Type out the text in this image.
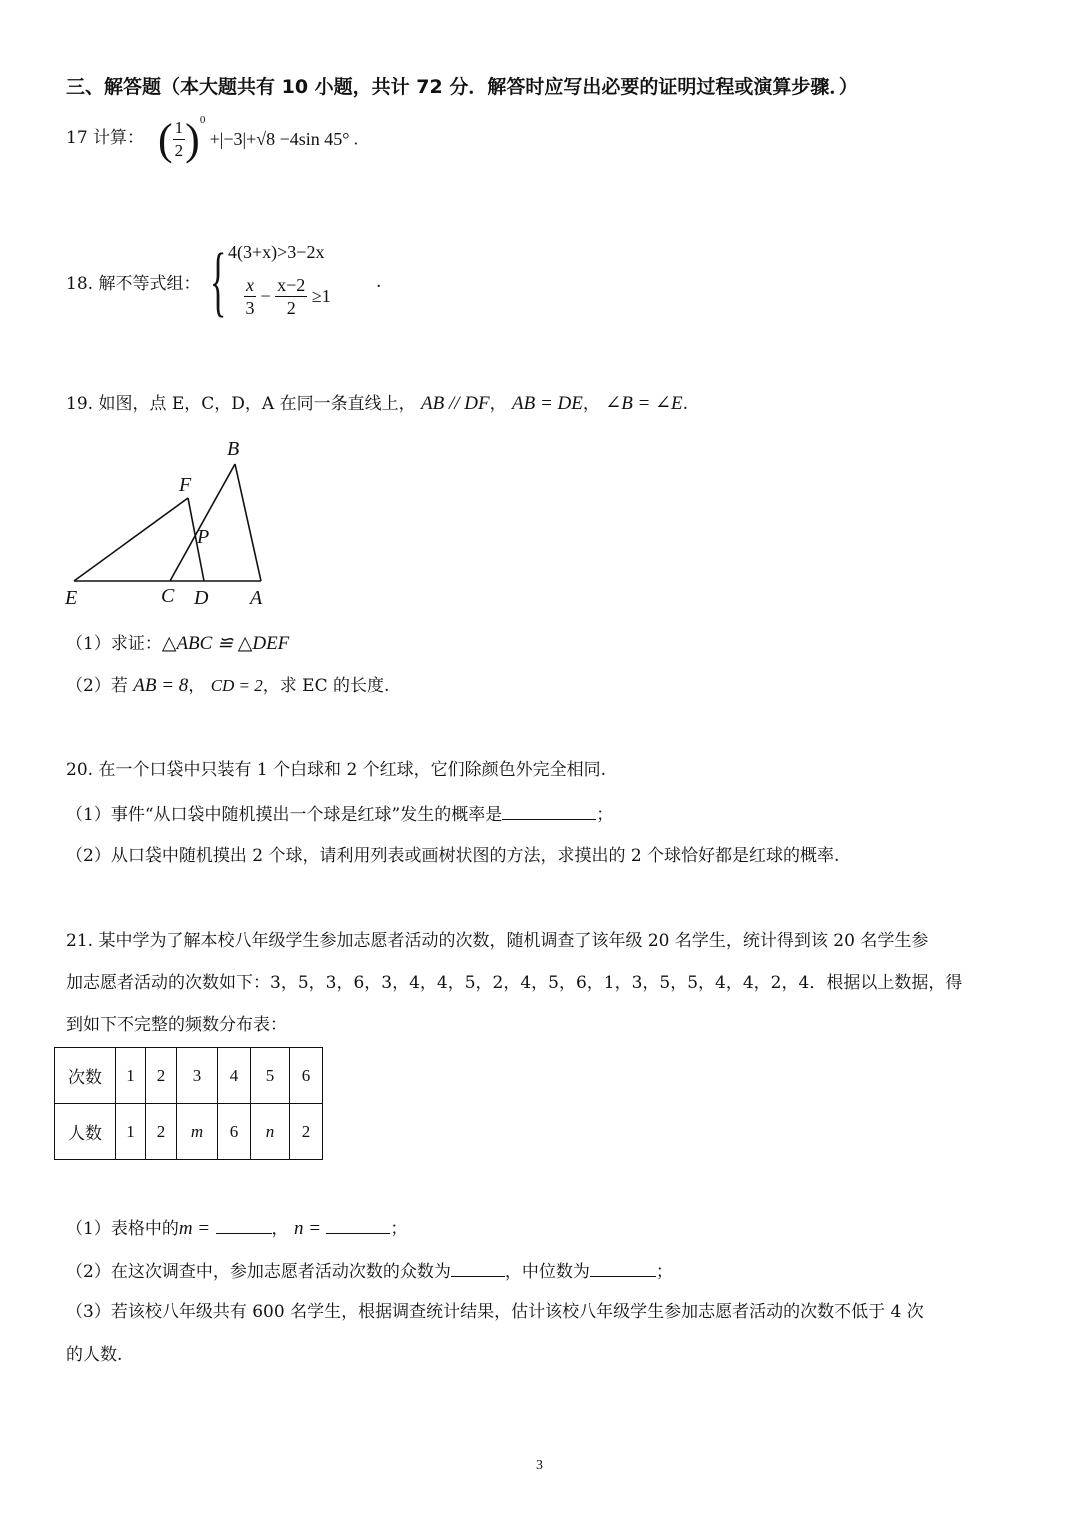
三、解答题（本大题共有 10 小题，共计 72 分．解答时应写出必要的证明过程或演算步骤．）
17 计算： ( $\frac{1}{2} )^0 +|-3|+√8 -4\sin$ 45° .
18. 解不等式组： { 4(3+x)>3−2x
$\frac{x}{3} - \frac{x-2}{2} \ge 1$
.
19. 如图，点 E，C，D，A 在同一条直线上， AB // DF， AB = DE， ∠B = ∠E.
B
F
P
E	C D A
（1）求证：△ABC ≌ △DEF
（2）若 AB = 8， CD = 2，求 EC 的长度.
20. 在一个口袋中只装有 1 个白球和 2 个红球，它们除颜色外完全相同.
（1）事件“从口袋中随机摸出一个球是红球”发生的概率是	；
（2）从口袋中随机摸出 2 个球，请利用列表或画树状图的方法，求摸出的 2 个球恰好都是红球的概率.
21. 某中学为了解本校八年级学生参加志愿者活动的次数，随机调查了该年级 20 名学生，统计得到该 20 名学生参
加志愿者活动的次数如下：3，5，3，6，3，4，4，5，2，4，5，6，1，3，5，5，4，4，2，4．根据以上数据，得
到如下不完整的频数分布表：
次数	1	2	3	4	5	6
人数	1	2	m	6	n	2
（1）表格中的m =	， n =	；
（2）在这次调查中，参加志愿者活动次数的众数为	，中位数为	；
（3）若该校八年级共有 600 名学生，根据调查统计结果，估计该校八年级学生参加志愿者活动的次数不低于 4 次
的人数.
3
